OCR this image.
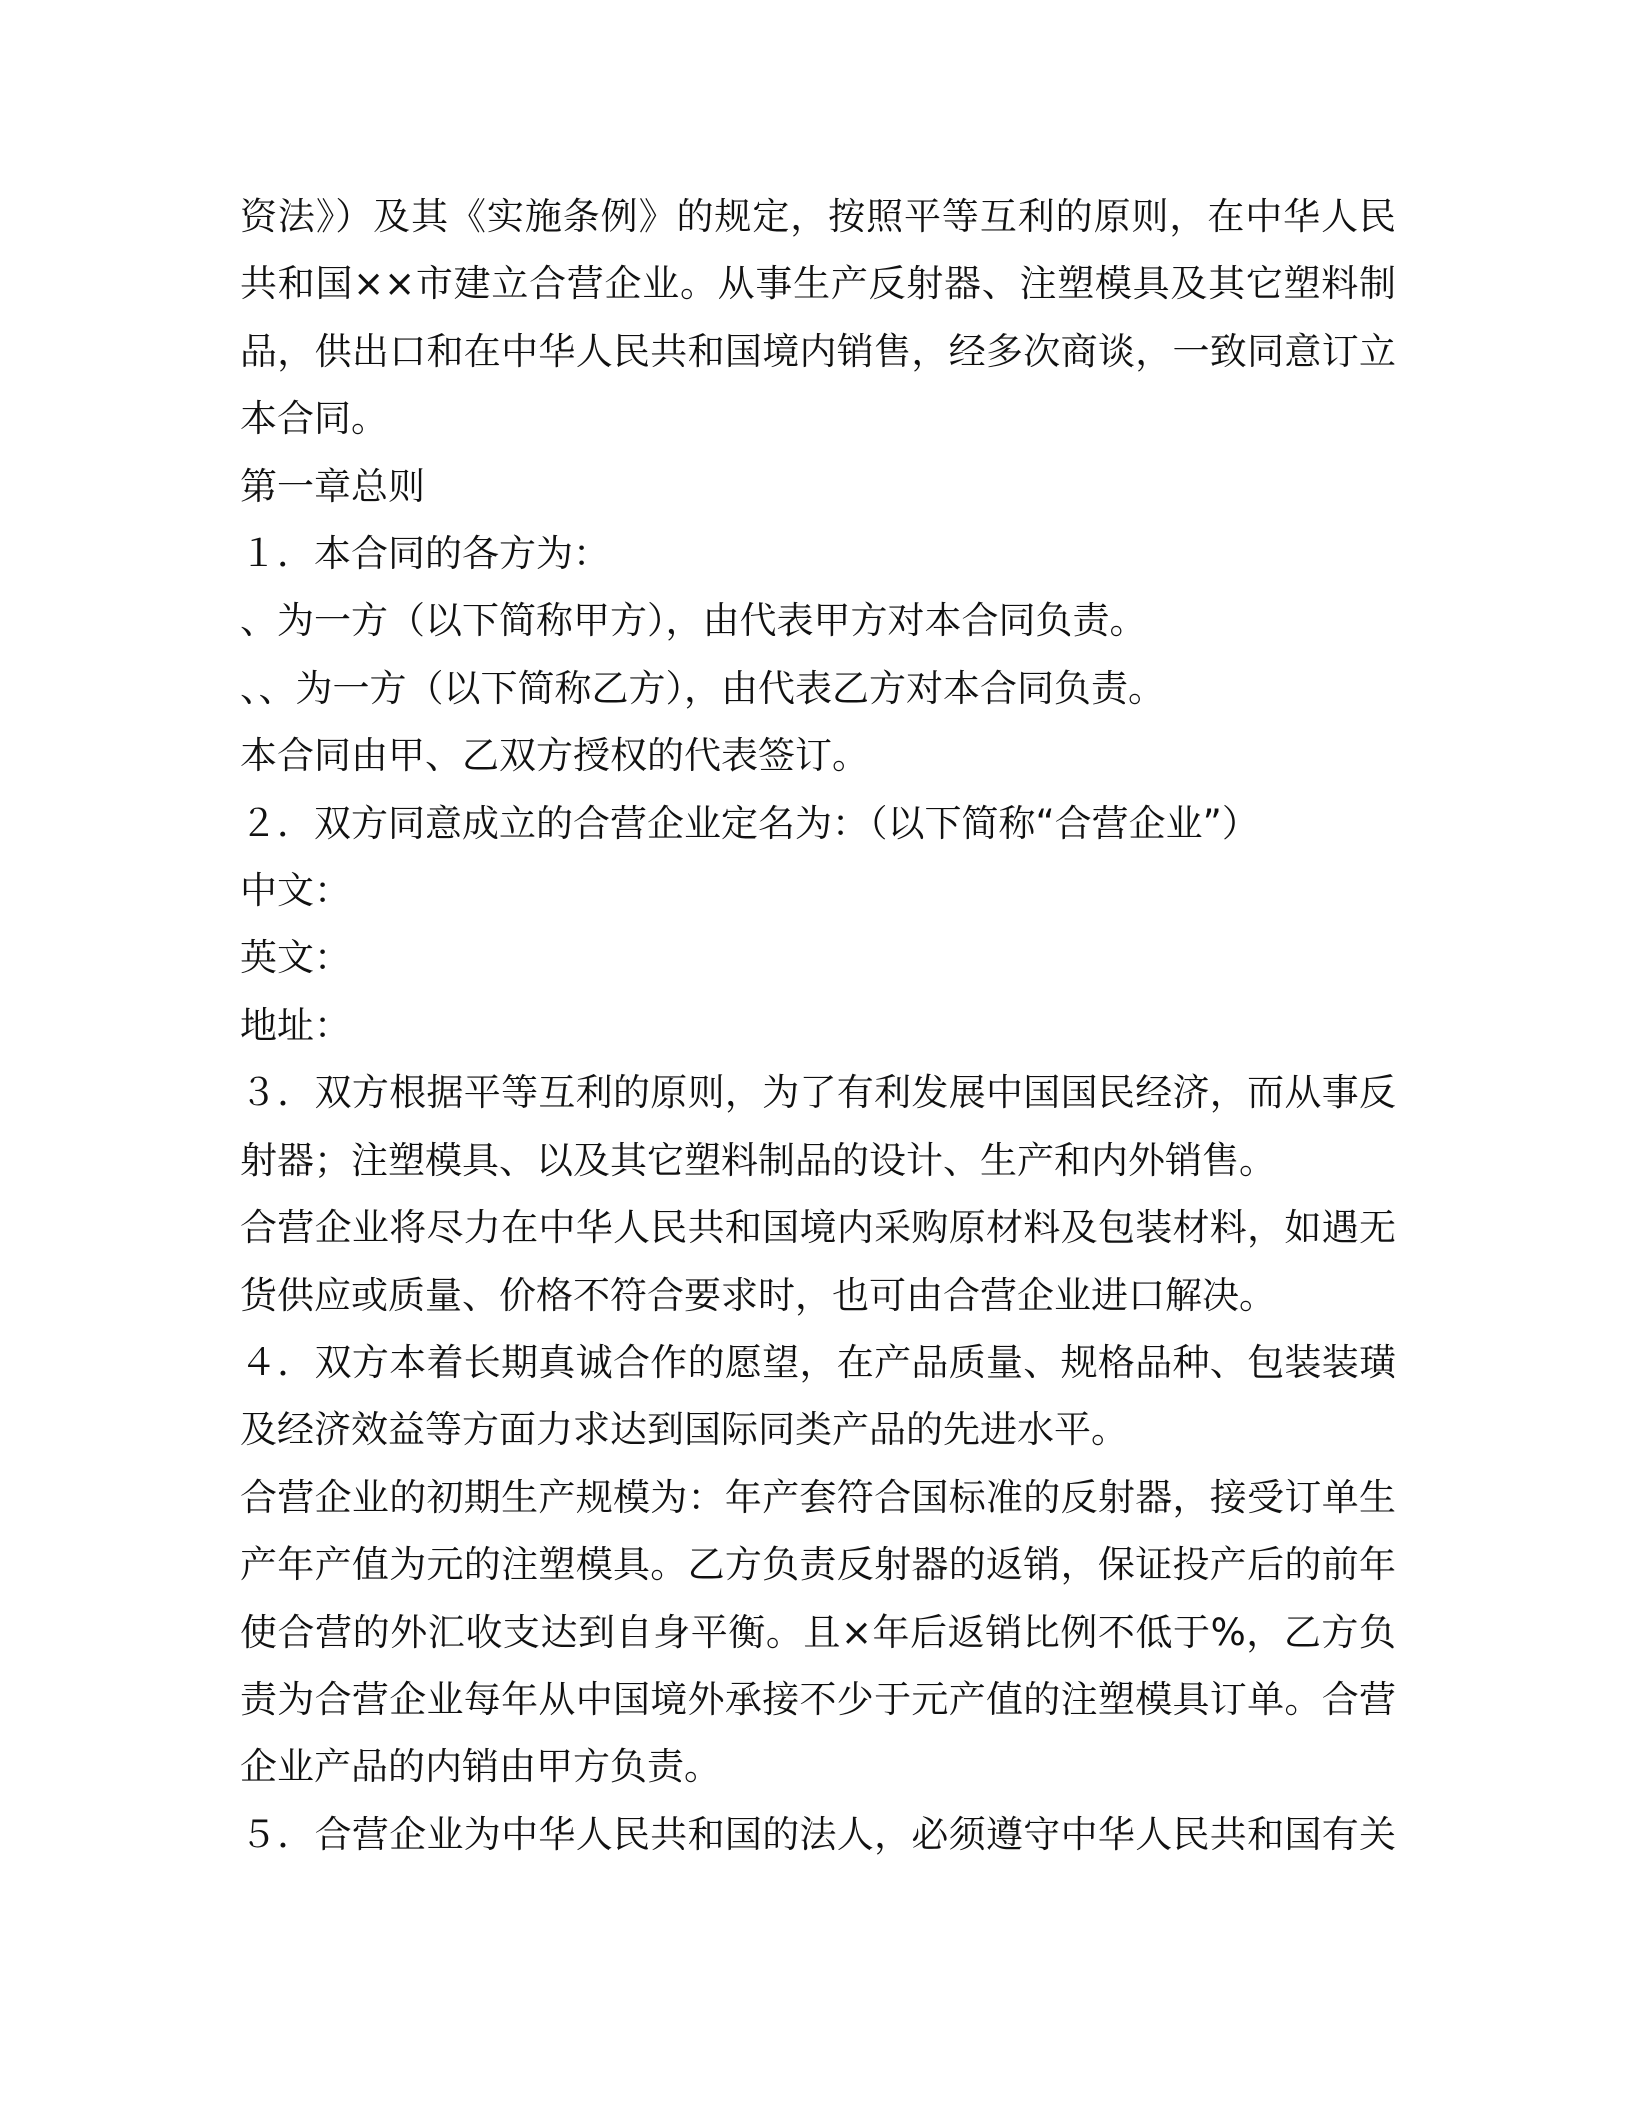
资法》）及其《实施条例》的规定，按照平等互利的原则，在中华人民
共和国××市建立合营企业。从事生产反射器、注塑模具及其它塑料制
品，供出口和在中华人民共和国境内销售，经多次商谈，一致同意订立
本合同。
第一章总则
１．本合同的各方为：
、为一方（以下简称甲方），由代表甲方对本合同负责。
、、为一方（以下简称乙方），由代表乙方对本合同负责。
本合同由甲、乙双方授权的代表签订。
２．双方同意成立的合营企业定名为：（以下简称“合营企业”）
中文：
英文：
地址：
３．双方根据平等互利的原则，为了有利发展中国国民经济，而从事反
射器；注塑模具、以及其它塑料制品的设计、生产和内外销售。
合营企业将尽力在中华人民共和国境内采购原材料及包装材料，如遇无
货供应或质量、价格不符合要求时，也可由合营企业进口解决。
４．双方本着长期真诚合作的愿望，在产品质量、规格品种、包装装璜
及经济效益等方面力求达到国际同类产品的先进水平。
合营企业的初期生产规模为：年产套符合国标准的反射器，接受订单生
产年产值为元的注塑模具。乙方负责反射器的返销，保证投产后的前年
使合营的外汇收支达到自身平衡。且×年后返销比例不低于%，乙方负
责为合营企业每年从中国境外承接不少于元产值的注塑模具订单。合营
企业产品的内销由甲方负责。
５．合营企业为中华人民共和国的法人，必须遵守中华人民共和国有关
